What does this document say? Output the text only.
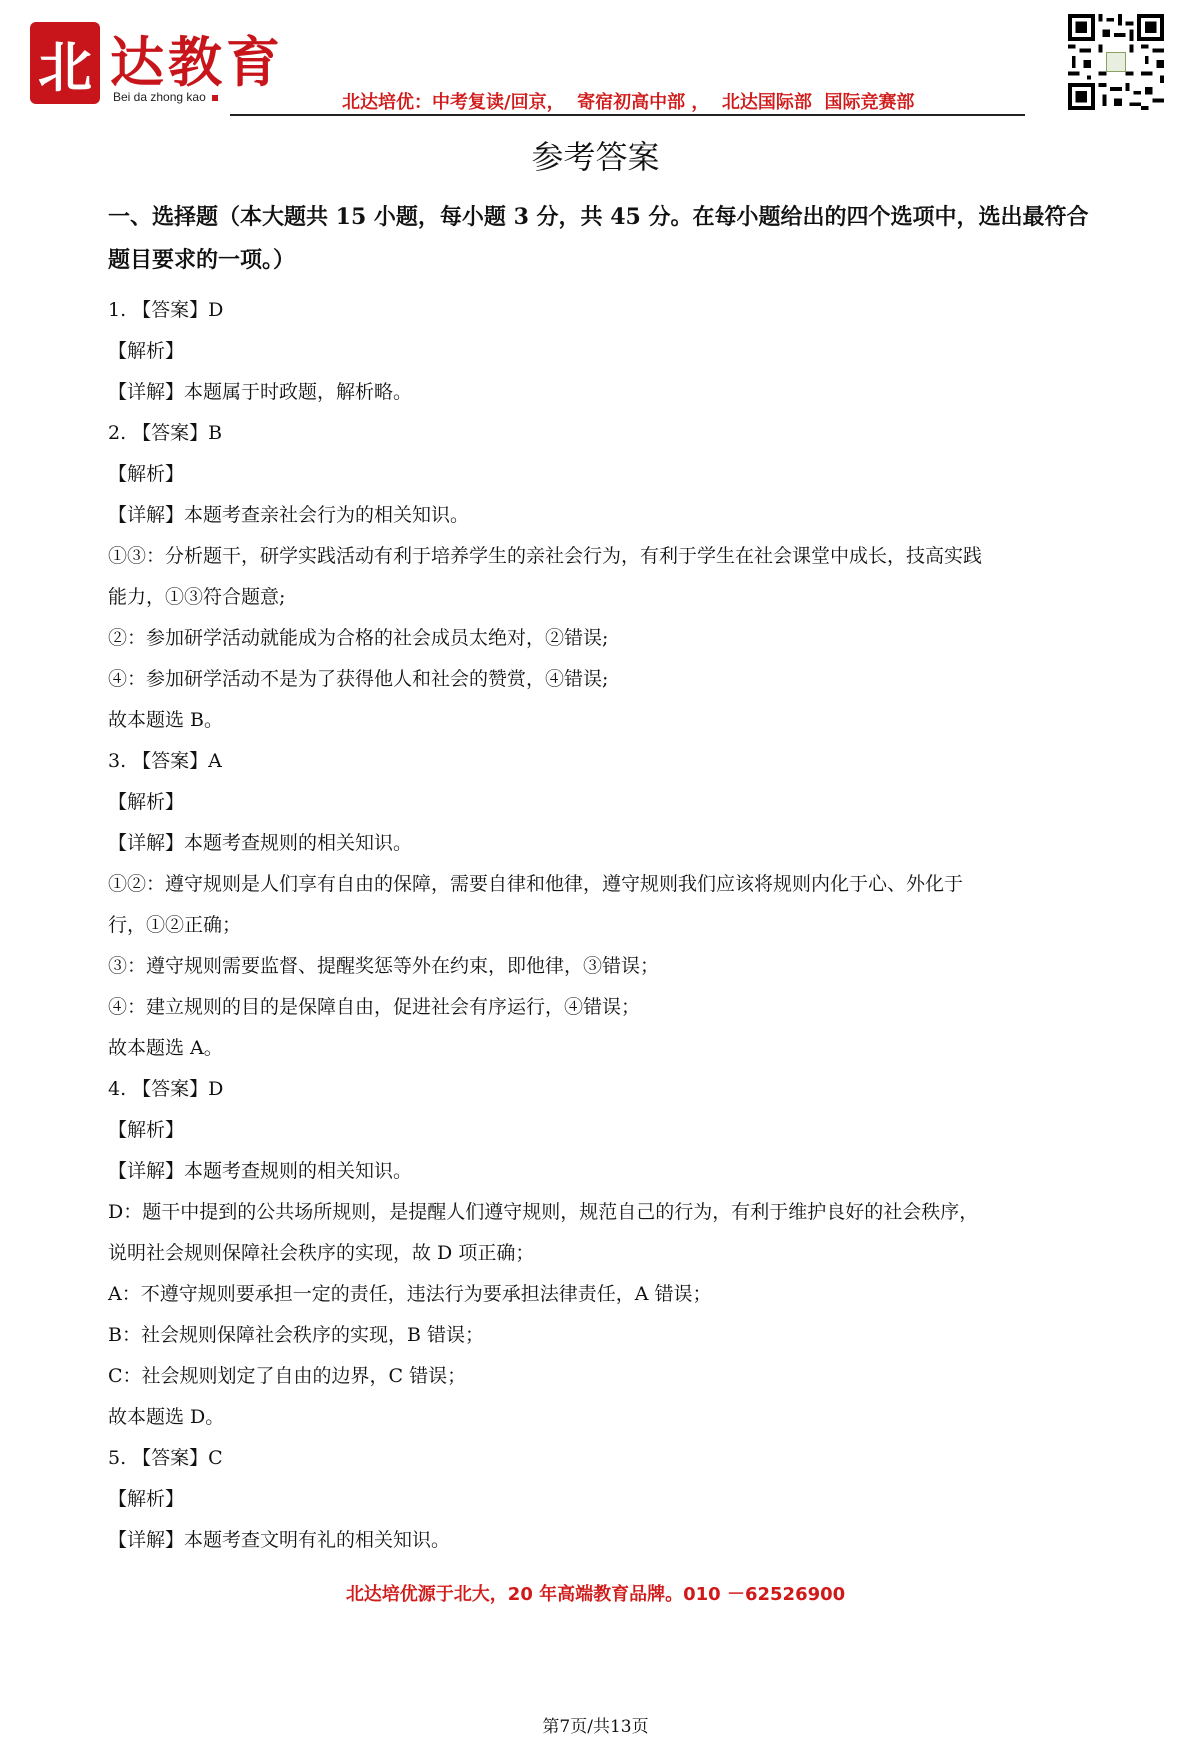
北 达教育
Bei da zhong kao	北达培优：中考复读/回京，  寄宿初高中部 ，  北达国际部  国际竞赛部
参考答案
一、选择题（本大题共 15 小题，每小题 3 分，共 45 分。在每小题给出的四个选项中，选出最符合题目要求的一项。）
1. 【答案】D
【解析】
【详解】本题属于时政题，解析略。
2. 【答案】B
【解析】
【详解】本题考查亲社会行为的相关知识。
①③：分析题干，研学实践活动有利于培养学生的亲社会行为，有利于学生在社会课堂中成长，技高实践
能力，①③符合题意;
②：参加研学活动就能成为合格的社会成员太绝对，②错误;
④：参加研学活动不是为了获得他人和社会的赞赏，④错误;
故本题选 B。
3. 【答案】A
【解析】
【详解】本题考查规则的相关知识。
①②：遵守规则是人们享有自由的保障，需要自律和他律，遵守规则我们应该将规则内化于心、外化于
行，①②正确；
③：遵守规则需要监督、提醒奖惩等外在约束，即他律，③错误；
④：建立规则的目的是保障自由，促进社会有序运行，④错误；
故本题选 A。
4. 【答案】D
【解析】
【详解】本题考查规则的相关知识。
D：题干中提到的公共场所规则，是提醒人们遵守规则，规范自己的行为，有利于维护良好的社会秩序，
说明社会规则保障社会秩序的实现，故 D 项正确；
A：不遵守规则要承担一定的责任，违法行为要承担法律责任，A 错误；
B：社会规则保障社会秩序的实现，B 错误；
C：社会规则划定了自由的边界，C 错误；
故本题选 D。
5. 【答案】C
【解析】
【详解】本题考查文明有礼的相关知识。
北达培优源于北大，20 年高端教育品牌。010 －62526900
第7页/共13页
